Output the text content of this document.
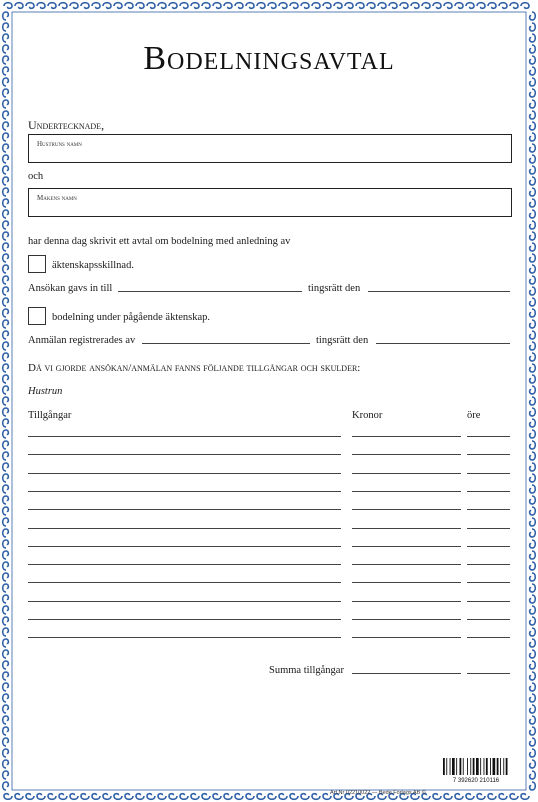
Bodelningsavtal
Undertecknade,
Hustruns namn
och
Makens namn
har denna dag skrivit ett avtal om bodelning med anledning av
äktenskapsskillnad.
Ansökan gavs in till	tingsrätt den
bodelning under pågående äktenskap.
Anmälan registrerades av	tingsrätt den
Då vi gjorde ansökan/anmälan fanns följande tillgångar och skulder:
Hustrun
Tillgångar	Kronor	öre
Summa tillgångar
7 392620 210116
Art.Nr 02210022 — Bede Förlags AB ©
